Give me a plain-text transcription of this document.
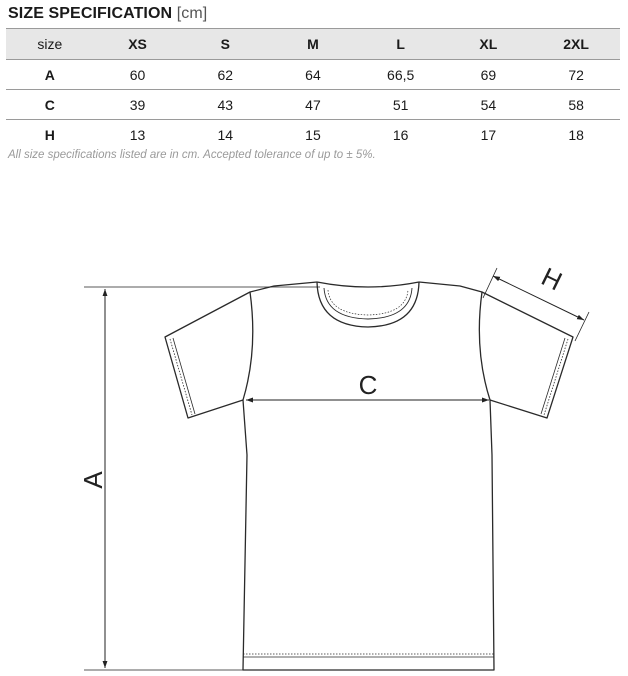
SIZE SPECIFICATION [cm]
size	XS	S	M	L	XL	2XL
A	60	62	64	66,5	69	72
C	39	43	47	51	54	58
H	13	14	15	16	17	18
All size specifications listed are in cm. Accepted tolerance of up to ± 5%.
A
C
H
